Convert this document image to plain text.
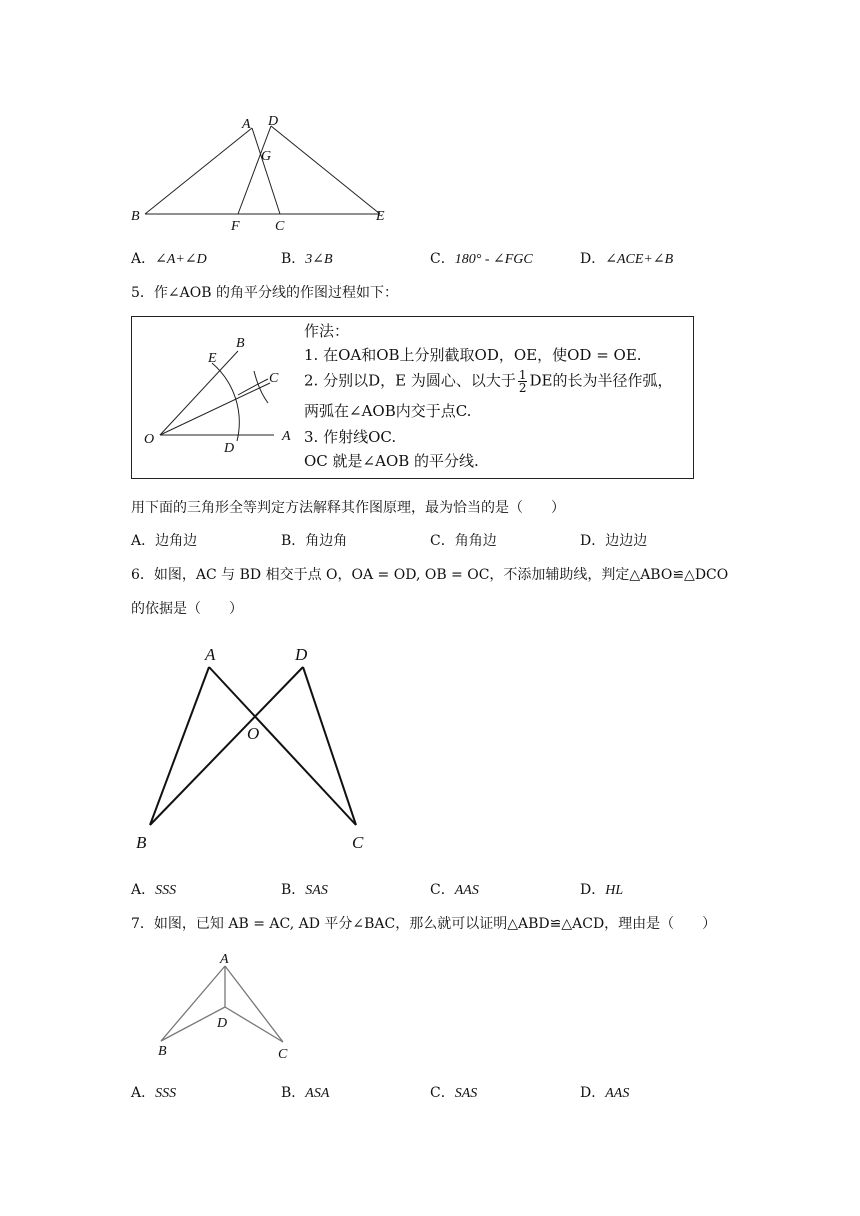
A D
G
B
F	C
E
A．∠A+∠D	B．3∠B	C．180° - ∠FGC	D．∠ACE+∠B
5．作∠AOB 的角平分线的作图过程如下：
O	A
B
E
D
C
作法：
1. 在OA和OB上分别截取OD，OE，使OD = OE.
2. 分别以D，E 为圆心、以大于 $\frac{1}{2}$ DE的长为半径作弧，
两弧在∠AOB内交于点C.
3. 作射线OC.
OC 就是∠AOB 的平分线.
用下面的三角形全等判定方法解释其作图原理，最为恰当的是（　　）
A．边角边	B．角边角	C．角角边	D．边边边
6．如图，AC 与 BD 相交于点 O，OA = OD, OB = OC，不添加辅助线，判定△ABO≌△DCO
的依据是（　　）
A	D
O
B	C
A．SSS	B．SAS	C．AAS	D．HL
7．如图，已知 AB = AC, AD 平分∠BAC，那么就可以证明△ABD≌△ACD，理由是（　　）
A
D
B	C
A．SSS	B．ASA	C．SAS	D．AAS
